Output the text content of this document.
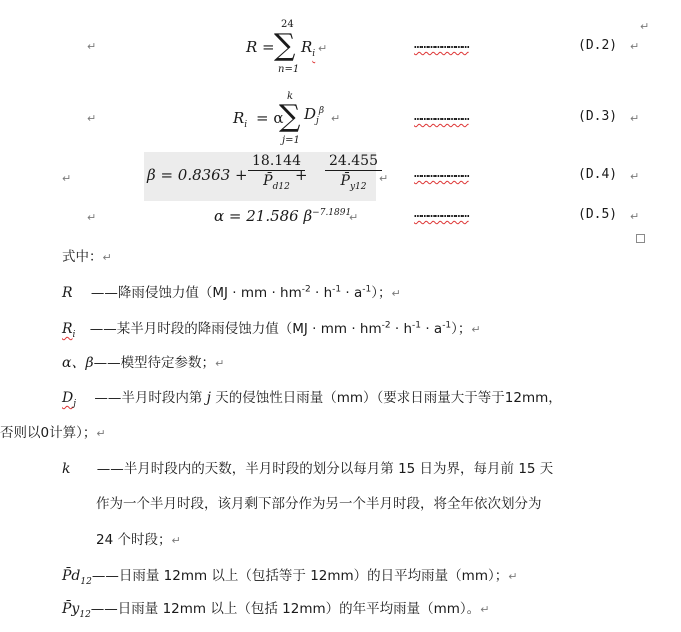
↵
↵	R =
24
∑
n=1
$R_i$ ↵	……………………	(D.2) ↵
↵	$R_i = \alpha$
k
∑
j=1
$D_j^\beta$
↵	……………………	(D.3) ↵
↵	$\beta = 0.8363 + \frac{18.144}{P̄_{d12}}$
+ $\frac{24.455}{P̄_{y12}}$
↵ ……………………	(D.4) ↵
↵	α = 21.586 $\beta^{-7.1891}$
↵	……………………	(D.5) ↵
式中：↵
R ——降雨侵蚀力值（MJ · mm · $hm^{-2} \cdot h^{-1} \cdot a^{-1}$）；↵
$R_i$ ——某半月时段的降雨侵蚀力值（MJ · mm · $hm^{-2} \cdot h^{-1} \cdot a^{-1}$）；↵
α、β——模型待定参数；↵
$D_j$ ——半月时段内第 j 天的侵蚀性日雨量（mm）（要求日雨量大于等于12mm，
否则以0计算）；↵
k ——半月时段内的天数，半月时段的划分以每月第 15 日为界，每月前 15 天
作为一个半月时段，该月剩下部分作为另一个半月时段，将全年依次划分为
24 个时段；↵
$P̄d_{12}——$日雨量 12mm 以上（包括等于 12mm）的日平均雨量（mm）；↵
$P̄y_{12}——$日雨量 12mm 以上（包括 12mm）的年平均雨量（mm）。↵
